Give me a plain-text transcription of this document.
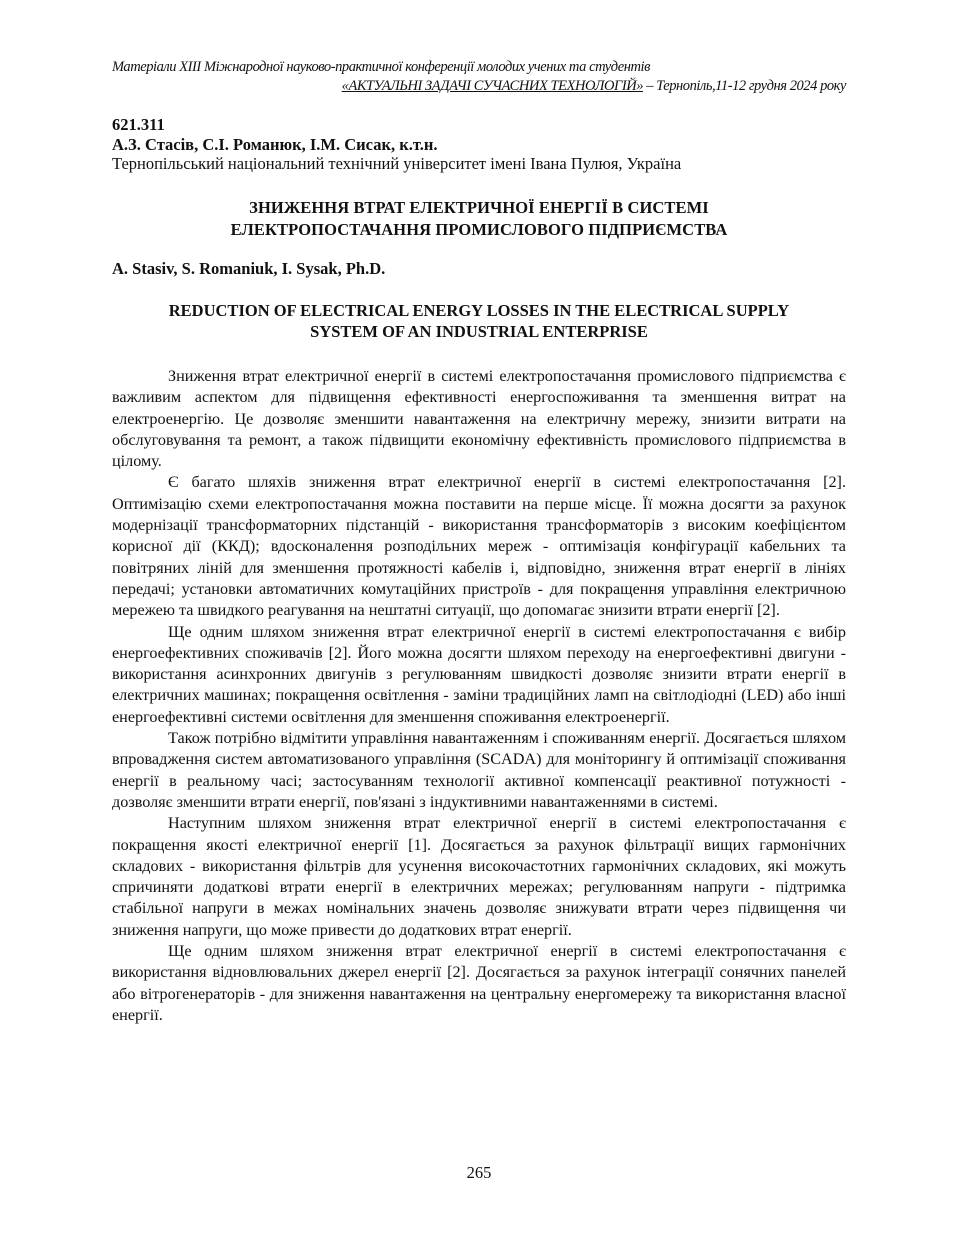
Матеріали XIII Міжнародної науково-практичної конференції молодих учених та студентів
«АКТУАЛЬНІ ЗАДАЧІ СУЧАСНИХ ТЕХНОЛОГІЙ» – Тернопіль,11-12 грудня 2024 року
621.311
А.З. Стасів, С.І. Романюк, І.М. Сисак, к.т.н.
Тернопільський національний технічний університет імені Івана Пулюя, Україна
ЗНИЖЕННЯ ВТРАТ ЕЛЕКТРИЧНОЇ ЕНЕРГІЇ В СИСТЕМІ
ЕЛЕКТРОПОСТАЧАННЯ ПРОМИСЛОВОГО ПІДПРИЄМСТВА
A. Stasiv, S. Romaniuk, I. Sysak, Ph.D.
REDUCTION OF ELECTRICAL ENERGY LOSSES IN THE ELECTRICAL SUPPLY
SYSTEM OF AN INDUSTRIAL ENTERPRISE

Зниження втрат електричної енергії в системі електропостачання промислового підприємства є важливим аспектом для підвищення ефективності енергоспоживання та зменшення витрат на електроенергію. Це дозволяє зменшити навантаження на електричну мережу, знизити витрати на обслуговування та ремонт, а також підвищити економічну ефективність промислового підприємства в цілому.

Є багато шляхів зниження втрат електричної енергії в системі електропостачання [2]. Оптимізацію схеми електропостачання можна поставити на перше місце. Її можна досягти за рахунок модернізації трансформаторних підстанцій - використання трансформаторів з високим коефіцієнтом корисної дії (ККД); вдосконалення розподільних мереж - оптимізація конфігурації кабельних та повітряних ліній для зменшення протяжності кабелів і, відповідно, зниження втрат енергії в лініях передачі; установки автоматичних комутаційних пристроїв - для покращення управління електричною мережею та швидкого реагування на нештатні ситуації, що допомагає знизити втрати енергії [2].

Ще одним шляхом зниження втрат електричної енергії в системі електропостачання є вибір енергоефективних споживачів [2]. Його можна досягти шляхом переходу на енергоефективні двигуни - використання асинхронних двигунів з регулюванням швидкості дозволяє знизити втрати енергії в електричних машинах; покращення освітлення - заміни традиційних ламп на світлодіодні (LED) або інші енергоефективні системи освітлення для зменшення споживання електроенергії.

Також потрібно відмітити управління навантаженням і споживанням енергії. Досягається шляхом впровадження систем автоматизованого управління (SCADA) для моніторингу й оптимізації споживання енергії в реальному часі; застосуванням технології активної компенсації реактивної потужності - дозволяє зменшити втрати енергії, пов'язані з індуктивними навантаженнями в системі.

Наступним шляхом зниження втрат електричної енергії в системі електропостачання є покращення якості електричної енергії [1]. Досягається за рахунок фільтрації вищих гармонічних складових - використання фільтрів для усунення високочастотних гармонічних складових, які можуть спричиняти додаткові втрати енергії в електричних мережах; регулюванням напруги - підтримка стабільної напруги в межах номінальних значень дозволяє знижувати втрати через підвищення чи зниження напруги, що може привести до додаткових втрат енергії.

Ще одним шляхом зниження втрат електричної енергії в системі електропостачання є використання відновлювальних джерел енергії [2]. Досягається за рахунок інтеграції сонячних панелей або вітрогенераторів - для зниження навантаження на центральну енергомережу та використання власної енергії.

265
